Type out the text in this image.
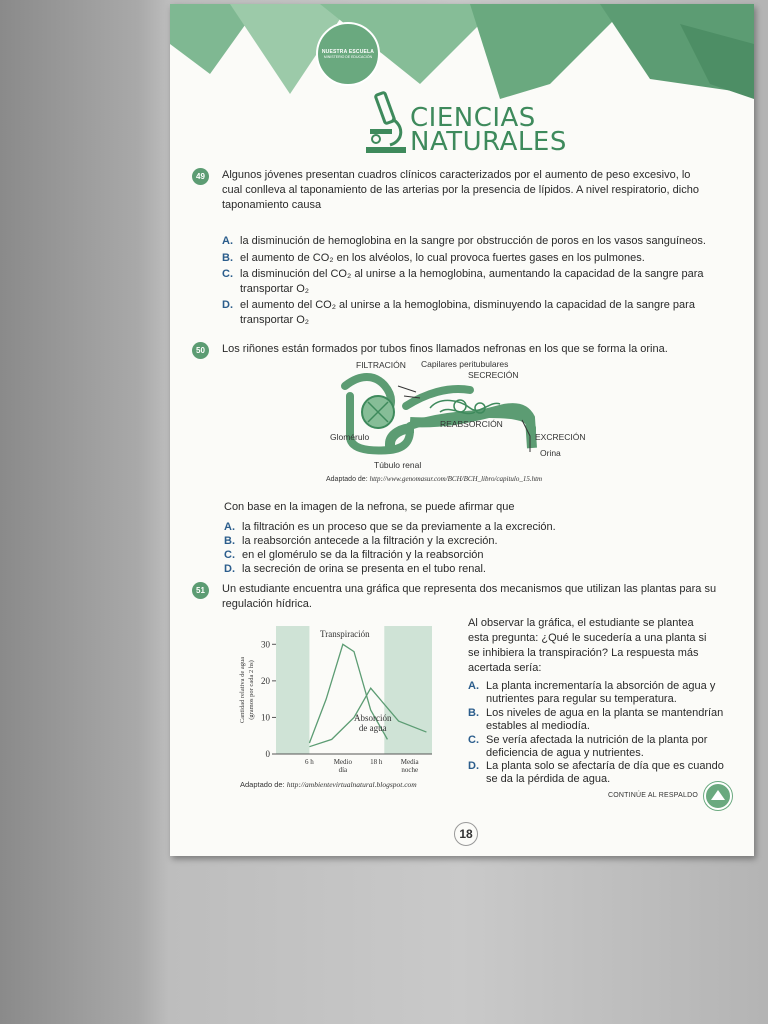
NUESTRA ESCUELA
MINISTERIO DE EDUCACIÓN
CIENCIAS
NATURALES
49	Algunos jóvenes presentan cuadros clínicos caracterizados por el aumento de peso excesivo, lo
cual conlleva al taponamiento de las arterias por la presencia de lípidos. A nivel respiratorio, dicho
taponamiento causa
A. la disminución de hemoglobina en la sangre por obstrucción de poros en los vasos sanguíneos.
B. el aumento de CO₂ en los alvéolos, lo cual provoca fuertes gases en los pulmones.
C. la disminución del CO₂ al unirse a la hemoglobina, aumentando la capacidad de la sangre para
transportar O₂
D. el aumento del CO₂ al unirse a la hemoglobina, disminuyendo la capacidad de la sangre para
transportar O₂
50	Los riñones están formados por tubos finos llamados nefronas en los que se forma la orina.
FILTRACIÓN Capilares peritubulares
SECRECIÓN
REABSORCIÓN
Glomérulo	EXCRECIÓN
Orina
Túbulo renal
Adaptado de: http://www.genomasur.com/BCH/BCH_libro/capitulo_15.htm
Con base en la imagen de la nefrona, se puede afirmar que
A. la filtración es un proceso que se da previamente a la excreción.
B. la reabsorción antecede a la filtración y la excreción.
C. en el glomérulo se da la filtración y la reabsorción
D. la secreción de orina se presenta en el tubo renal.
51	Un estudiante encuentra una gráfica que representa dos mecanismos que utilizan las plantas para su
regulación hídrica.
0
10
20
30
6 h	Medio
día
18 h	Media
noche
Cantidad relativa de agua (gramos por cada 2 hs)
Transpiración
Absorción
de agua
Adaptado de: http://ambientevirtualnatural.blogspot.com
Al observar la gráfica, el estudiante se plantea
esta pregunta: ¿Qué le sucedería a una planta si
se inhibiera la transpiración? La respuesta más
acertada sería:
A. La planta incrementaría la absorción de agua y
nutrientes para regular su temperatura.
B. Los niveles de agua en la planta se mantendrían
estables al mediodía.
C. Se vería afectada la nutrición de la planta por
deficiencia de agua y nutrientes.
D. La planta solo se afectaría de día que es cuando
se da la pérdida de agua.
CONTINÚE AL RESPALDO
18
